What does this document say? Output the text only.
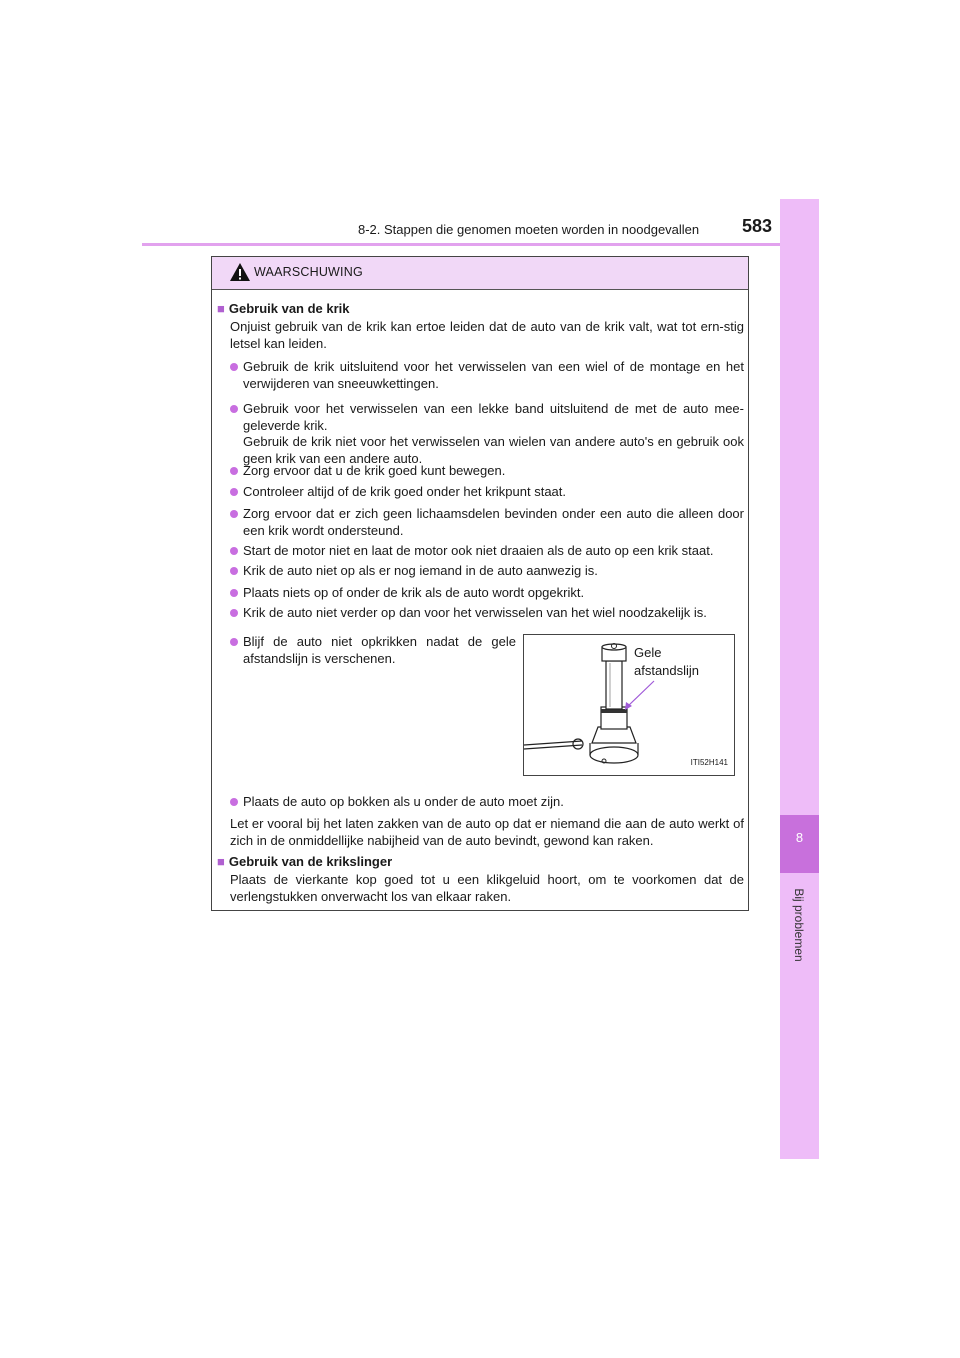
8-2. Stappen die genomen moeten worden in noodgevallen 583
8
Bij problemen
WAARSCHUWING
■ Gebruik van de krik
Onjuist gebruik van de krik kan ertoe leiden dat de auto van de krik valt, wat tot ern-stig letsel kan leiden.
Gebruik de krik uitsluitend voor het verwisselen van een wiel of de montage en het verwijderen van sneeuwkettingen.
Gebruik voor het verwisselen van een lekke band uitsluitend de met de auto mee-geleverde krik.
Gebruik de krik niet voor het verwisselen van wielen van andere auto's en gebruik ook geen krik van een andere auto.
Zorg ervoor dat u de krik goed kunt bewegen.
Controleer altijd of de krik goed onder het krikpunt staat.
Zorg ervoor dat er zich geen lichaamsdelen bevinden onder een auto die alleen door een krik wordt ondersteund.
Start de motor niet en laat de motor ook niet draaien als de auto op een krik staat.
Krik de auto niet op als er nog iemand in de auto aanwezig is.
Plaats niets op of onder de krik als de auto wordt opgekrikt.
Krik de auto niet verder op dan voor het verwisselen van het wiel noodzakelijk is.
Blijf de auto niet opkrikken nadat de gele afstandslijn is verschenen.	Gele
afstandslijn
ITI52H141
Plaats de auto op bokken als u onder de auto moet zijn.
Let er vooral bij het laten zakken van de auto op dat er niemand die aan de auto werkt of zich in de onmiddellijke nabijheid van de auto bevindt, gewond kan raken.
■ Gebruik van de krikslinger
Plaats de vierkante kop goed tot u een klikgeluid hoort, om te voorkomen dat de verlengstukken onverwacht los van elkaar raken.
